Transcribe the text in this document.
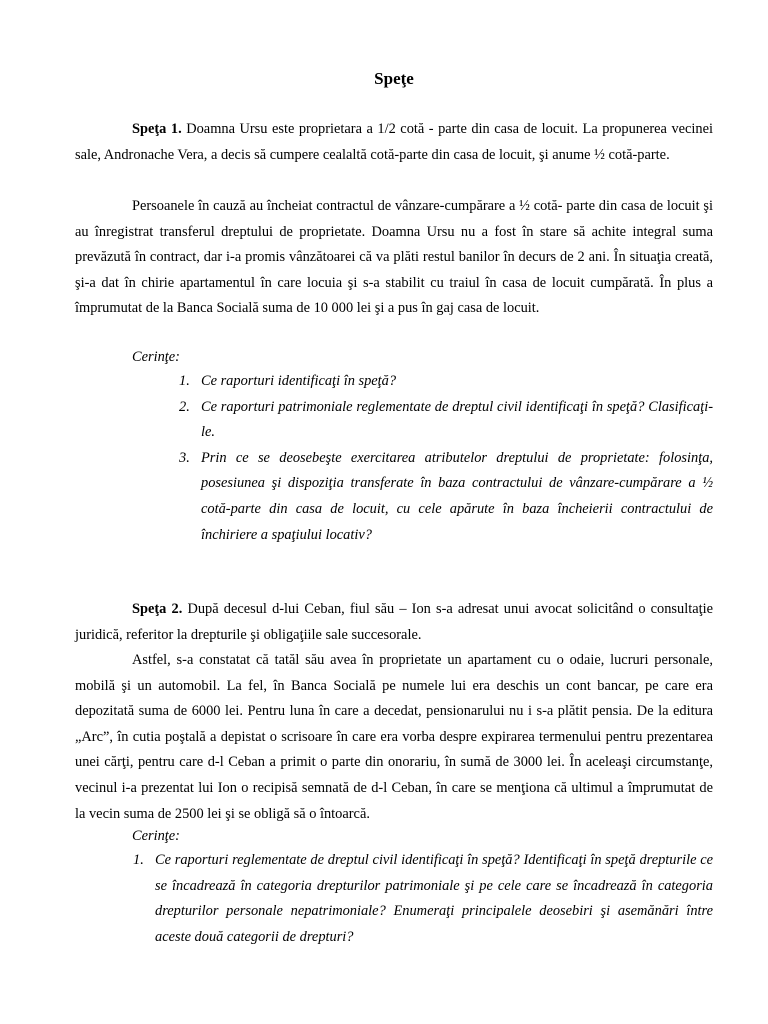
Speţe

Speţa 1. Doamna Ursu este proprietara a 1/2 cotă - parte din casa de locuit. La propunerea vecinei sale, Andronache Vera, a decis să cumpere cealaltă cotă-parte din casa de locuit, şi anume ½ cotă-parte.

Persoanele în cauză au încheiat contractul de vânzare-cumpărare a ½ cotă- parte din casa de locuit şi au înregistrat transferul dreptului de proprietate. Doamna Ursu nu a fost în stare să achite integral suma prevăzută în contract, dar i-a promis vânzătoarei că va plăti restul banilor în decurs de 2 ani. În situaţia creată, şi-a dat în chirie apartamentul în care locuia şi s-a stabilit cu traiul în casa de locuit cumpărată. În plus a împrumutat de la Banca Socială suma de 10 000 lei şi a pus în gaj casa de locuit.

Cerinţe:
1. Ce raporturi identificaţi în speţă?
2. Ce raporturi patrimoniale reglementate de dreptul civil identificaţi în speţă? Clasificaţi-le.
3. Prin ce se deosebeşte exercitarea atributelor dreptului de proprietate: folosinţa, posesiunea şi dispoziţia transferate în baza contractului de vânzare-cumpărare a ½ cotă-parte din casa de locuit, cu cele apărute în baza încheierii contractului de închiriere a spaţiului locativ?

Speţa 2. După decesul d-lui Ceban, fiul său – Ion s-a adresat unui avocat solicitând o consultaţie juridică, referitor la drepturile şi obligaţiile sale succesorale.

Astfel, s-a constatat că tatăl său avea în proprietate un apartament cu o odaie, lucruri personale, mobilă şi un automobil. La fel, în Banca Socială pe numele lui era deschis un cont bancar, pe care era depozitată suma de 6000 lei. Pentru luna în care a decedat, pensionarului nu i s-a plătit pensia. De la editura „Arc”, în cutia poştală a depistat o scrisoare în care era vorba despre expirarea termenului pentru prezentarea unei cărţi, pentru care d-l Ceban a primit o parte din onorariu, în sumă de 3000 lei. În aceleaşi circumstanţe, vecinul i-a prezentat lui Ion o recipisă semnată de d-l Ceban, în care se menţiona că ultimul a împrumutat de la vecin suma de 2500 lei şi se obligă să o întoarcă.

Cerinţe:
1. Ce raporturi reglementate de dreptul civil identificaţi în speţă? Identificaţi în speţă drepturile ce se încadrează în categoria drepturilor patrimoniale şi pe cele care se încadrează în categoria drepturilor personale nepatrimoniale? Enumeraţi principalele deosebiri şi asemănări între aceste două categorii de drepturi?
